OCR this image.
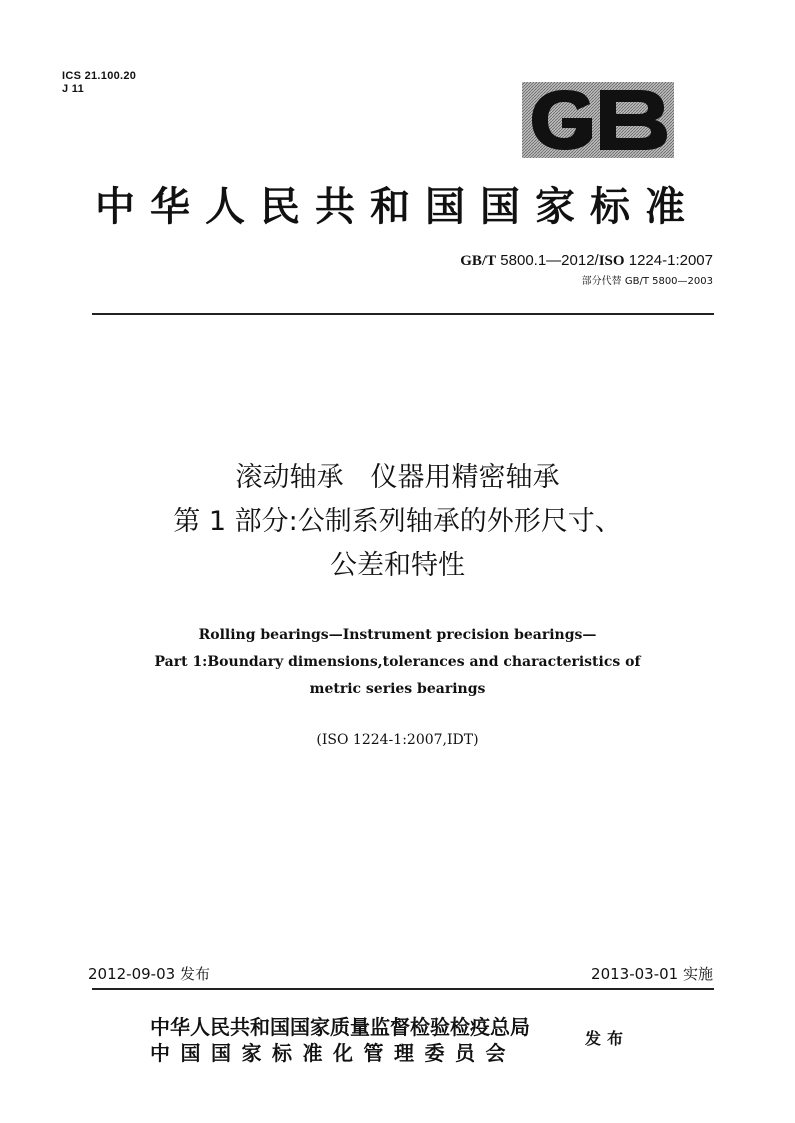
ICS 21.100.20
J 11
中华人民共和国国家标准
GB/T 5800.1—2012/ISO 1224-1:2007
部分代替 GB/T 5800—2003
滚动轴承　仪器用精密轴承
第 1 部分:公制系列轴承的外形尺寸、
公差和特性
Rolling bearings—Instrument precision bearings—
Part 1:Boundary dimensions,tolerances and characteristics of
metric series bearings
(ISO 1224-1:2007,IDT)
2012-09-03 发布	2013-03-01 实施
中华人民共和国国家质量监督检验检疫总局
中国国家标准化管理委员会
发布
